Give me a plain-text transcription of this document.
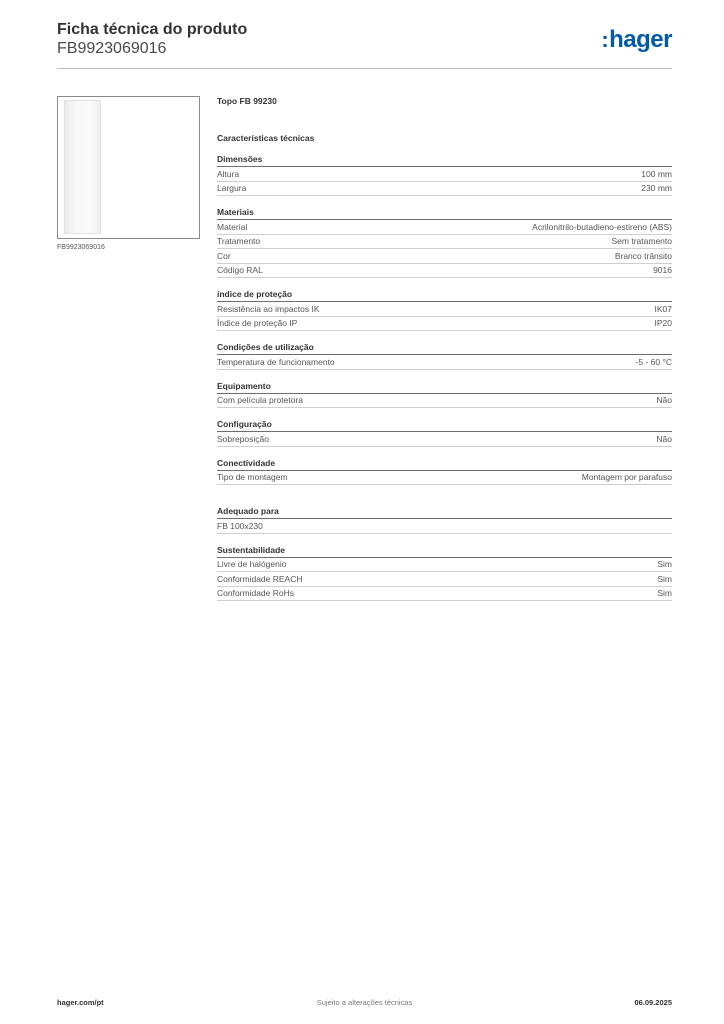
Ficha técnica do produto
FB9923069016	:hager
FB9923069016
Topo FB 99230
Características técnicas
Dimensões
Altura	100 mm
Largura	230 mm
Materiais
Material	Acrilonitrilo-butadieno-estireno (ABS)
Tratamento	Sem tratamento
Cor	Branco trânsito
Código RAL	9016
índice de proteção
Resistência ao impactos IK	IK07
Índice de proteção IP	IP20
Condições de utilização
Temperatura de funcionamento	-5 - 60 °C
Equipamento
Com película protetora	Não
Configuração
Sobreposição	Não
Conectividade
Tipo de montagem	Montagem por parafuso
Adequado para
FB 100x230
Sustentabilidade
Livre de halógenio	Sim
Conformidade REACH	Sim
Conformidade RoHs	Sim
hager.com/pt	Sujeito a alterações técnicas	06.09.2025
